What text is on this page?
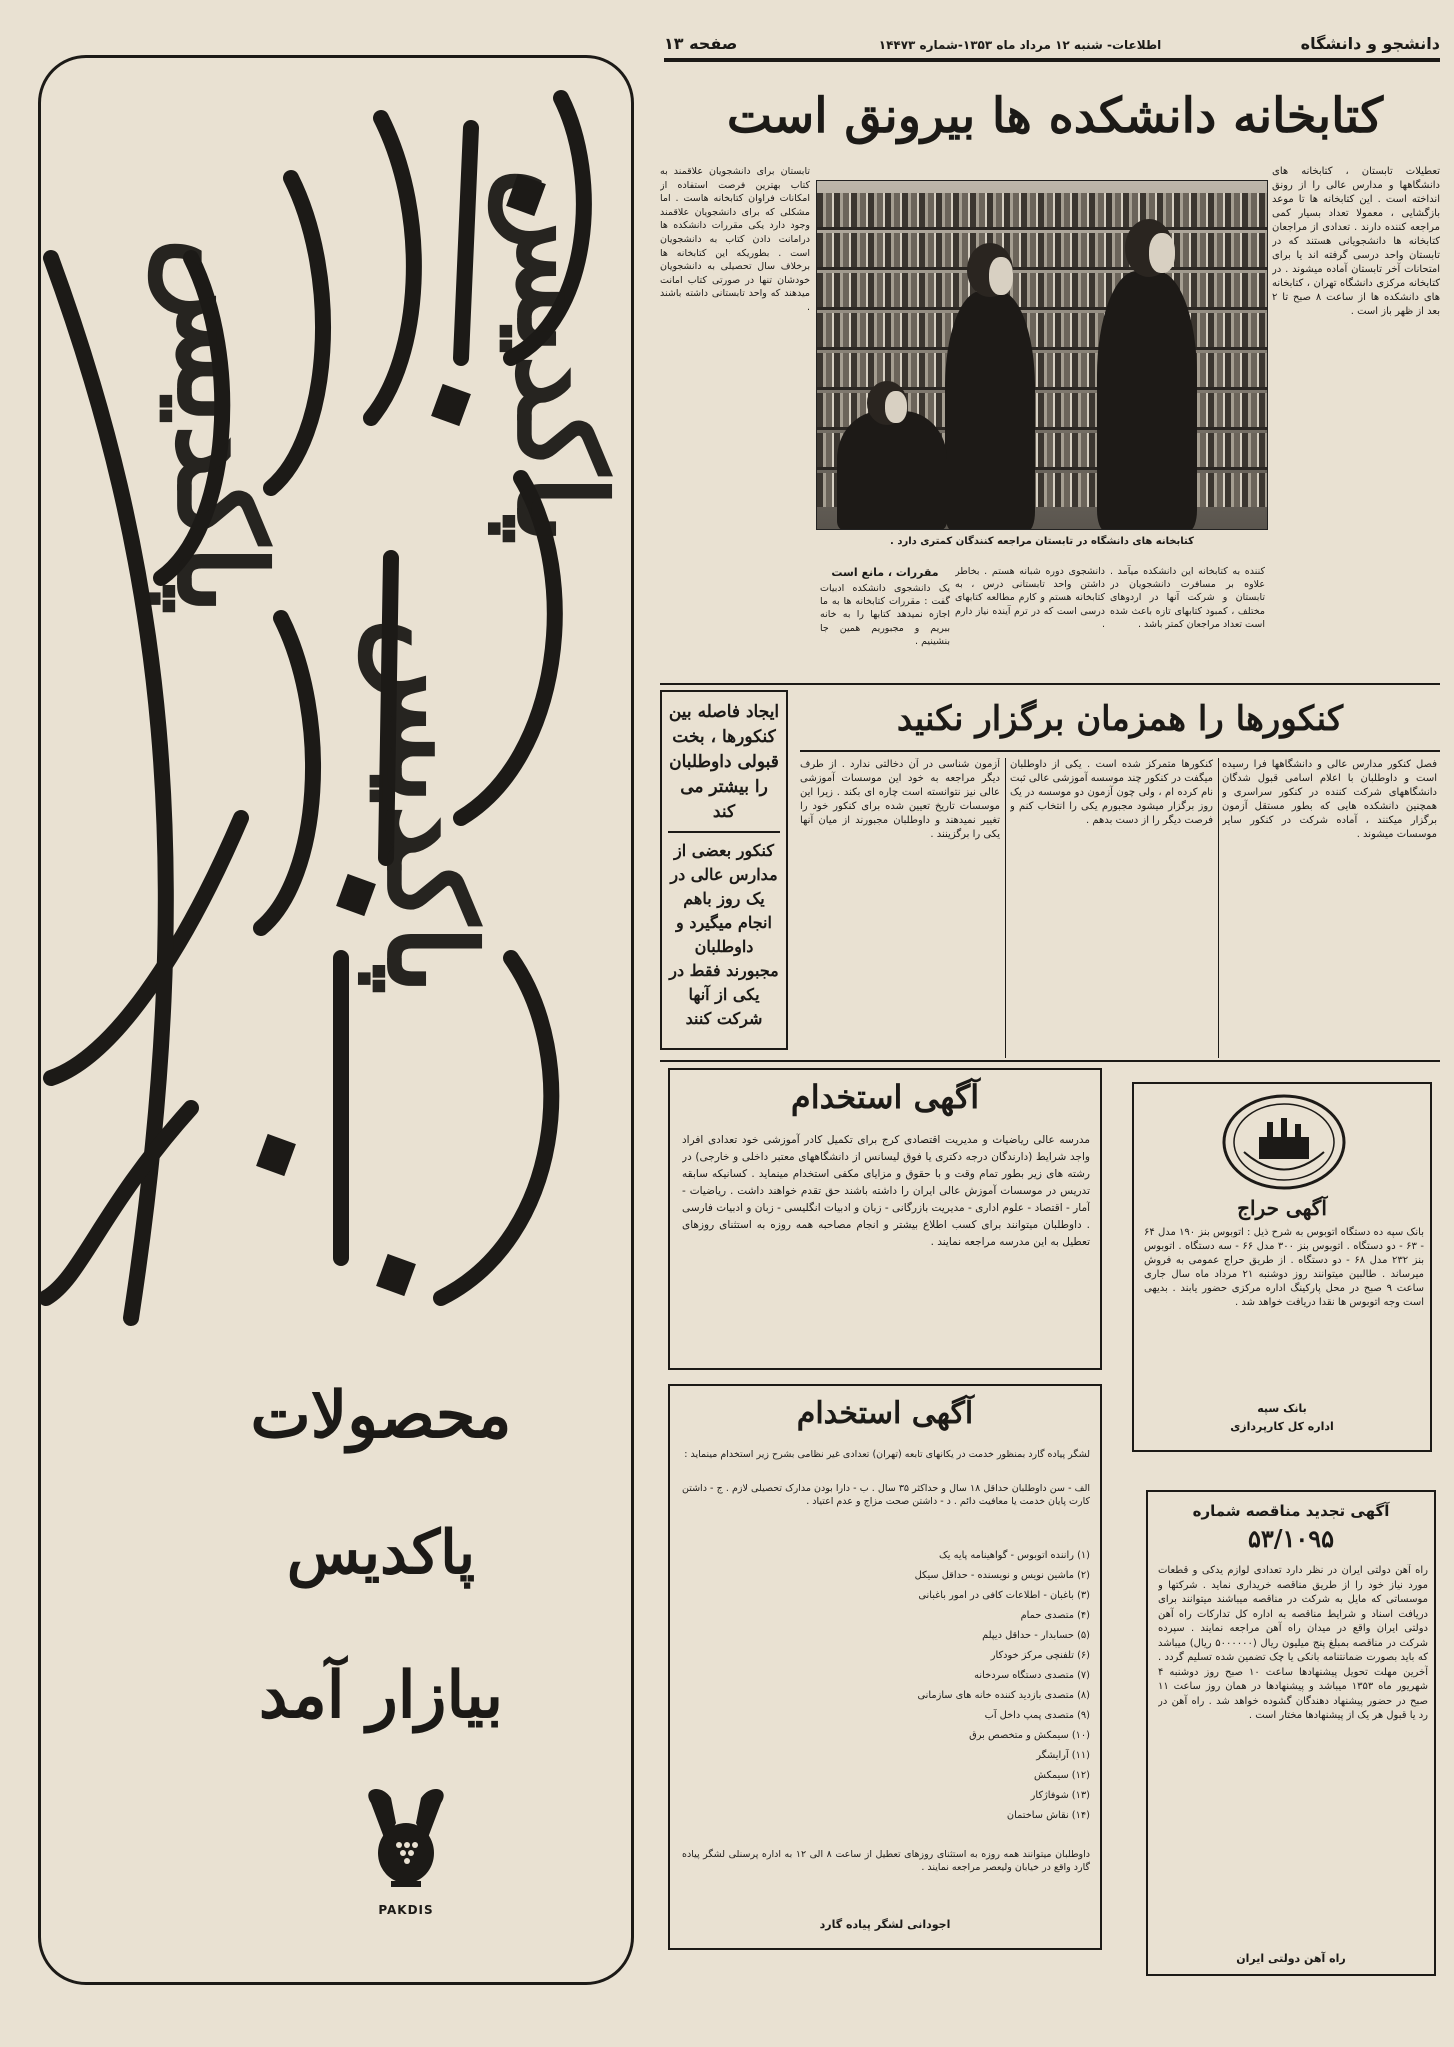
پاکدیس
پاکدیس
پاکدیس
محصولات
پاکدیس
بیازار آمد
PAKDIS
دانشجو و دانشگاه
اطلاعات- شنبه ۱۲ مرداد ماه ۱۳۵۳-شماره ۱۴۴۷۳
صفحه ۱۳
کتابخانه دانشکده ها بیرونق است
تعطیلات تابستان ، کتابخانه های دانشگاهها و مدارس عالی را از رونق انداخته است . این کتابخانه ها تا موعد بازگشایی ، معمولا تعداد بسیار کمی مراجعه کننده دارند . تعدادی از مراجعان کتابخانه ها دانشجویانی هستند که در تابستان واحد درسی گرفته اند یا برای امتحانات آخر تابستان آماده میشوند . در کتابخانه مرکزی دانشگاه تهران ، کتابخانه های دانشکده ها از ساعت ۸ صبح تا ۲ بعد از ظهر باز است .
تابستان برای دانشجویان علاقمند به کتاب بهترین فرصت استفاده از امکانات فراوان کتابخانه هاست . اما مشکلی که برای دانشجویان علاقمند وجود دارد یکی مقررات دانشکده ها درامانت دادن کتاب به دانشجویان است . بطوریکه این کتابخانه ها برخلاف سال تحصیلی به دانشجویان خودشان تنها در صورتی کتاب امانت میدهند که واحد تابستانی داشته باشند .
کتابخانه های دانشگاه در تابستان مراجعه کنندگان کمتری دارد .
کننده به کتابخانه این دانشکده میآمد . علاوه بر مسافرت دانشجویان در تابستان و شرکت آنها در اردوهای مختلف ، کمبود کتابهای تازه باعث شده است تعداد مراجعان کمتر باشد .
دانشجوی دوره شبانه هستم . بخاطر داشتن واحد تابستانی درس ، به کتابخانه هستم و کارم مطالعه کتابهای درسی است که در ترم آینده نیاز دارم .
مقررات ، مانع است
یک دانشجوی دانشکده ادبیات گفت : مقررات کتابخانه ها به ما اجازه نمیدهد کتابها را به خانه ببریم و مجبوریم همین جا بنشینیم .
کنکورها را همزمان برگزار نکنید
ایجاد فاصله بین کنکورها ، بخت قبولی داوطلبان را بیشتر می کند
کنکور بعضی از مدارس عالی در یک روز باهم انجام میگیرد و داوطلبان مجبورند فقط در یکی از آنها شرکت کنند
فصل کنکور مدارس عالی و دانشگاهها فرا رسیده است و داوطلبان با اعلام اسامی قبول شدگان دانشگاههای شرکت کننده در کنکور سراسری و همچنین دانشکده هایی که بطور مستقل آزمون برگزار میکنند ، آماده شرکت در کنکور سایر موسسات میشوند .
کنکورها متمرکز شده است . یکی از داوطلبان میگفت در کنکور چند موسسه آموزشی عالی ثبت نام کرده ام ، ولی چون آزمون دو موسسه در یک روز برگزار میشود مجبورم یکی را انتخاب کنم و فرصت دیگر را از دست بدهم .
آزمون شناسی در آن دخالتی ندارد . از طرف دیگر مراجعه به خود این موسسات آموزشی عالی نیز نتوانسته است چاره ای بکند . زیرا این موسسات تاریخ تعیین شده برای کنکور خود را تغییر نمیدهند و داوطلبان مجبورند از میان آنها یکی را برگزینند .
آگهی استخدام
مدرسه عالی ریاضیات و مدیریت اقتصادی کرج برای تکمیل کادر آموزشی خود تعدادی افراد واجد شرایط (دارندگان درجه دکتری یا فوق لیسانس از دانشگاههای معتبر داخلی و خارجی) در رشته های زیر بطور تمام وقت و با حقوق و مزایای مکفی استخدام مینماید . کسانیکه سابقه تدریس در موسسات آموزش عالی ایران را داشته باشند حق تقدم خواهند داشت . ریاضیات - آمار - اقتصاد - علوم اداری - مدیریت بازرگانی - زبان و ادبیات انگلیسی - زبان و ادبیات فارسی . داوطلبان میتوانند برای کسب اطلاع بیشتر و انجام مصاحبه همه روزه به استثنای روزهای تعطیل به این مدرسه مراجعه نمایند .
آگهی حراج
بانک سپه ده دستگاه اتوبوس به شرح ذیل : اتوبوس بنز ۱۹۰ مدل ۶۴ - ۶۳ - دو دستگاه . اتوبوس بنز ۳۰۰ مدل ۶۶ - سه دستگاه . اتوبوس بنز ۲۳۲ مدل ۶۸ - دو دستگاه . از طریق حراج عمومی به فروش میرساند . طالبین میتوانند روز دوشنبه ۲۱ مرداد ماه سال جاری ساعت ۹ صبح در محل پارکینگ اداره مرکزی حضور یابند . بدیهی است وجه اتوبوس ها نقدا دریافت خواهد شد .
بانک سپه
اداره کل کارپردازی
آگهی استخدام
لشگر پیاده گارد بمنظور خدمت در یکانهای تابعه (تهران) تعدادی غیر نظامی بشرح زیر استخدام مینماید :
الف - سن داوطلبان حداقل ۱۸ سال و حداکثر ۳۵ سال . ب - دارا بودن مدارک تحصیلی لازم . ج - داشتن کارت پایان خدمت یا معافیت دائم . د - داشتن صحت مزاج و عدم اعتیاد .
(۱) راننده اتوبوس - گواهینامه پایه یک
(۲) ماشین نویس و نویسنده - حداقل سیکل
(۳) باغبان - اطلاعات کافی در امور باغبانی
(۴) متصدی حمام
(۵) حسابدار - حداقل دیپلم
(۶) تلفنچی مرکز خودکار
(۷) متصدی دستگاه سردخانه
(۸) متصدی بازدید کننده خانه های سازمانی
(۹) متصدی پمپ داخل آب
(۱۰) سیمکش و متخصص برق
(۱۱) آرایشگر
(۱۲) سیمکش
(۱۳) شوفاژکار
(۱۴) نقاش ساختمان
داوطلبان میتوانند همه روزه به استثنای روزهای تعطیل از ساعت ۸ الی ۱۲ به اداره پرسنلی لشگر پیاده گارد واقع در خیابان ولیعصر مراجعه نمایند .
اجودانی لشگر پیاده گارد
آگهی تجدید مناقصه شماره
۵۳/۱۰۹۵
راه آهن دولتی ایران در نظر دارد تعدادی لوازم یدکی و قطعات مورد نیاز خود را از طریق مناقصه خریداری نماید . شرکتها و موسساتی که مایل به شرکت در مناقصه میباشند میتوانند برای دریافت اسناد و شرایط مناقصه به اداره کل تدارکات راه آهن دولتی ایران واقع در میدان راه آهن مراجعه نمایند . سپرده شرکت در مناقصه بمبلغ پنج میلیون ریال (۵۰۰۰۰۰۰ ریال) میباشد که باید بصورت ضمانتنامه بانکی یا چک تضمین شده تسلیم گردد . آخرین مهلت تحویل پیشنهادها ساعت ۱۰ صبح روز دوشنبه ۴ شهریور ماه ۱۳۵۳ میباشد و پیشنهادها در همان روز ساعت ۱۱ صبح در حضور پیشنهاد دهندگان گشوده خواهد شد . راه آهن در رد یا قبول هر یک از پیشنهادها مختار است .
راه آهن دولتی ایران
